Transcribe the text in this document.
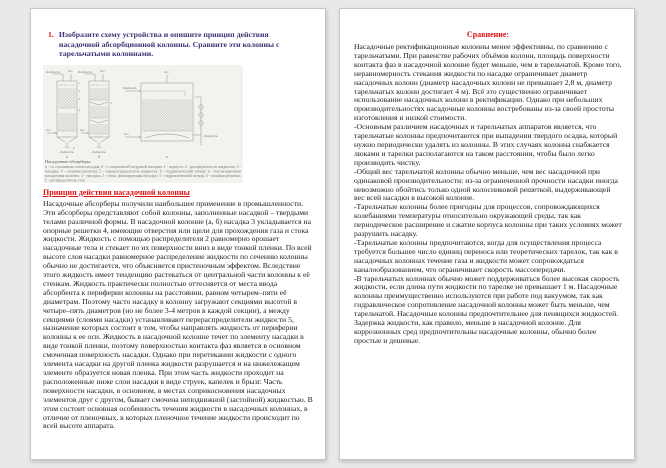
1. Изобразите схему устройства и опишите принцип действия насадочной абсорбционной колонны. Сравните эти колонны с тарельчатыми колоннами.
Жидкость	Газ	Жидкость	Газ
Газ	Газ
Жидкость	Жидкость
Жидкость
Газ
Газ	Жидкость
1
2
3
4
5
6
а	б	в
Насадочные абсорберы:
а - со сплошным слоем насадки; б - с секционной загрузкой насадки: 1 - корпуса; 2 - распределители жидкости; 3 - насадка; 4 - опорные решетки; 5 - перераспределитель жидкости; 6 - гидравлический затвор; в - эмульгационная насадочная колонна: 1 - насадка; 2 - сетка, фиксирующая насадку; 3 - гидравлический затвор; 4 - опорная решетка; 5 - распределитель газа
Принцип действия насадочной колонны

Насадочные абсорберы получили наибольшее применение в промышленности. Эти абсорберы представляют собой колонны, заполненные насадкой – твердыми телами различной формы. В насадочной колонне (а, б) насадка 3 укладывается на опорные решетки 4, имеющие отверстия или щели для прохождения газа и стока жидкости. Жидкость с помощью распределителя 2 равномерно орошает насадочные тела и стекает по их поверхности вниз в виде тонкой пленки. По всей высоте слоя насадки равномерное распределение жидкости по сечению колонны обычно не достигается, что объясняется пристеночным эффектом. Вследствие этого жидкость имеет тенденцию растекаться от центральной части колонны к её стенкам. Жидкость практически полностью оттесняется от места ввода абсорбента к периферии колонны на расстоянии, равном четырем–пяти её диаметрам. Поэтому часто насадку в колонну загружают секциями высотой в четыре–пять диаметров (но не более 3-4 метров в каждой секции), а между секциями (слоями насадки) устанавливают перераспределители жидкости 5, назначение которых состоит в том, чтобы направлять жидкость от периферии колонны к ее оси. Жидкость в насадочной колонне течет по элементу насадки в виде тонкой пленки, поэтому поверхностью контакта фаз является в основном смоченная поверхность насадки. Однако при перетекании жидкости с одного элемента насадки на другой пленка жидкости разрушается и на нижележащем элементе образуется новая пленка. При этом часть жидкости проходит на расположенные ниже слои насадки в виде струек, капелек и брызг. Часть поверхности насадки, в основном, в местах соприкосновения насадочных элементов друг с другом, бывает смочена неподвижной (застойной) жидкостью. В этом состоит основная особенность течения жидкости в насадочных колоннах, в отличие от пленочных, в которых пленочное течение жидкости происходит по всей высоте аппарата.

Сравнение:

Насадочные ректификационные колонны менее эффективны, по сравнению с тарельчатыми. При равенстве рабочих объёмов колонн, площадь поверхности контакта фаз в насадочной колонне будет меньше, чем в тарельчатой. Кроме того, неравномерность стекания жидкости по насадке ограничивает диаметр насадочных колонн (диаметр насадочных колонн не превышает 2,8 м, диаметр тарельчатых колонн достигает 4 м). Всё это существенно ограничивает использование насадочных колонн в ректификации. Однако при небольших производительностях насадочные колонны востребованы из-за своей простоты изготовления и низкой стоимости.

-Основным различием насадочных и тарельчатых аппаратов является, что тарельчатые колонны предпочитаются при выпадении твердого осадка, который нужно периодически удалять из колонны. В этих случаях колонна снабжается люками и тарелки располагаются на таком расстоянии, чтобы было легко производить чистку.

-Общий вес тарельчатой колонны обычно меньше, чем вес насадочной при одинаковой производительности: из-за ограниченной прочности насадки иногда невозможно обойтись только одной колосниковой решеткой, выдерживающей вес всей насадки в высокой колонне.

-Тарельчатые колонны более пригодны для процессов, сопровождающихся колебаниями температуры относительно окружающей среды, так как периодическое расширение и сжатие корпуса колонны при таких условиях может разрушить насадку.

-Тарельчатые колонны предпочитаются, когда для осуществления процесса требуется большее число единиц переноса или теоретических тарелок, так как в насадочных колоннах течение газа и жидкости может сопровождаться каналообразованием, что ограничивает скорость массопередачи.

-В тарельчатых колоннах обычно может поддерживаться более высокая скорость жидкости, если длина пути жидкости по тарелке не превышает 1 м. Насадочные колонны преимущественно используются при работе под вакуумом, так как гидравлическое сопротивление насадочной колонны может быть меньше, чем тарельчатой. Насадочные колонны предпочтительнее для пенящихся жидкостей. Задержка жидкости, как правило, меньше в насадочной колонне. Для коррозионных сред предпочтительны насадочные колонны, обычно более простые и дешевые.
